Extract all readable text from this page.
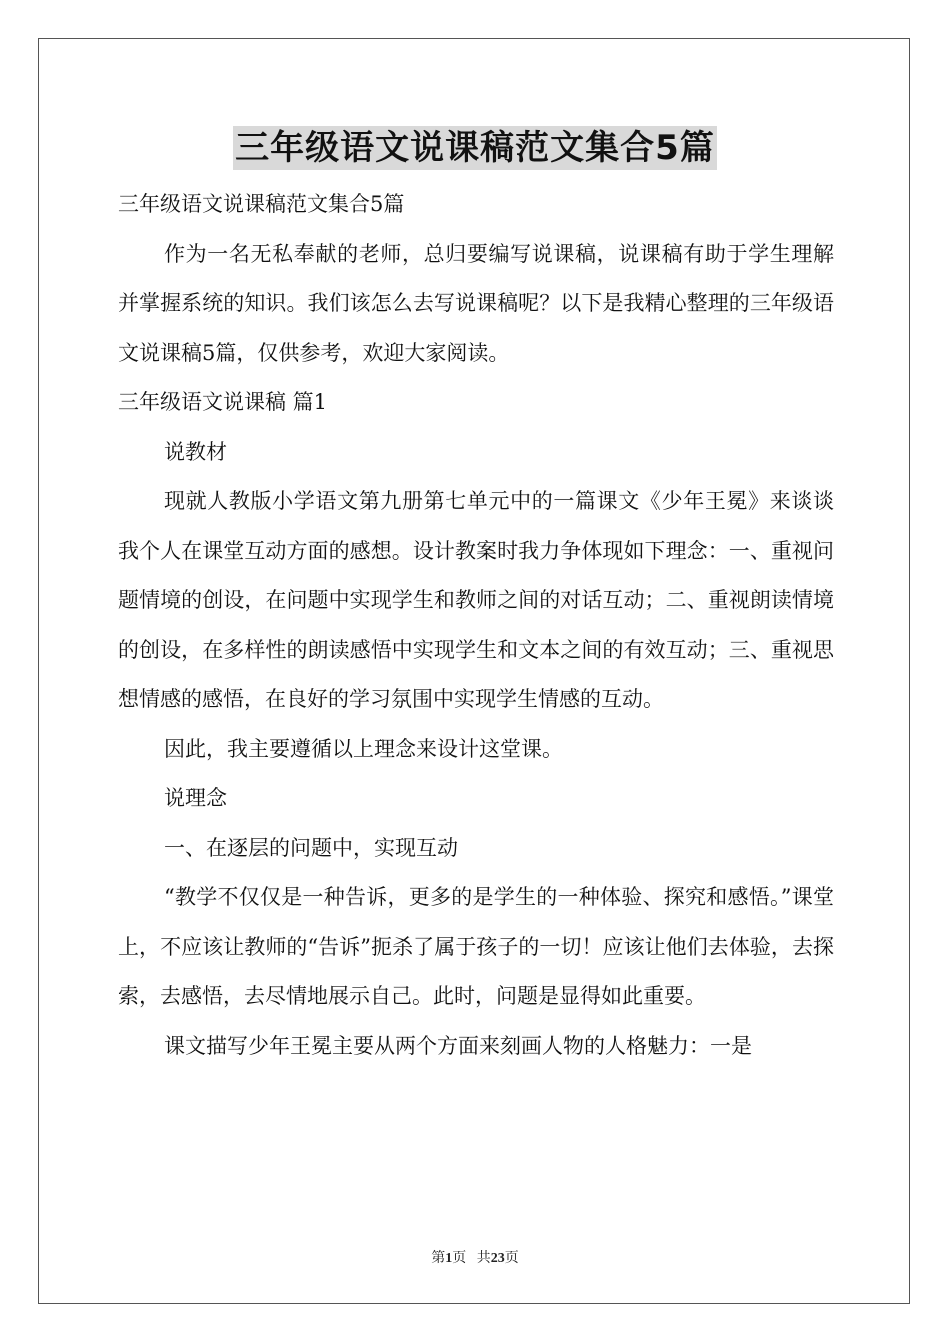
三年级语文说课稿范文集合5篇

三年级语文说课稿范文集合5篇

作为一名无私奉献的老师，总归要编写说课稿，说课稿有助于学生理解并掌握系统的知识。我们该怎么去写说课稿呢？以下是我精心整理的三年级语文说课稿5篇，仅供参考，欢迎大家阅读。

三年级语文说课稿 篇1

说教材

现就人教版小学语文第九册第七单元中的一篇课文《少年王冕》来谈谈我个人在课堂互动方面的感想。设计教案时我力争体现如下理念：一、重视问题情境的创设，在问题中实现学生和教师之间的对话互动；二、重视朗读情境的创设，在多样性的朗读感悟中实现学生和文本之间的有效互动；三、重视思想情感的感悟，在良好的学习氛围中实现学生情感的互动。

因此，我主要遵循以上理念来设计这堂课。

说理念

一、在逐层的问题中，实现互动

“教学不仅仅是一种告诉，更多的是学生的一种体验、探究和感悟。”课堂上，不应该让教师的“告诉”扼杀了属于孩子的一切！应该让他们去体验，去探索，去感悟，去尽情地展示自己。此时，问题是显得如此重要。

课文描写少年王冕主要从两个方面来刻画人物的人格魅力：一是

第1页 共23页
